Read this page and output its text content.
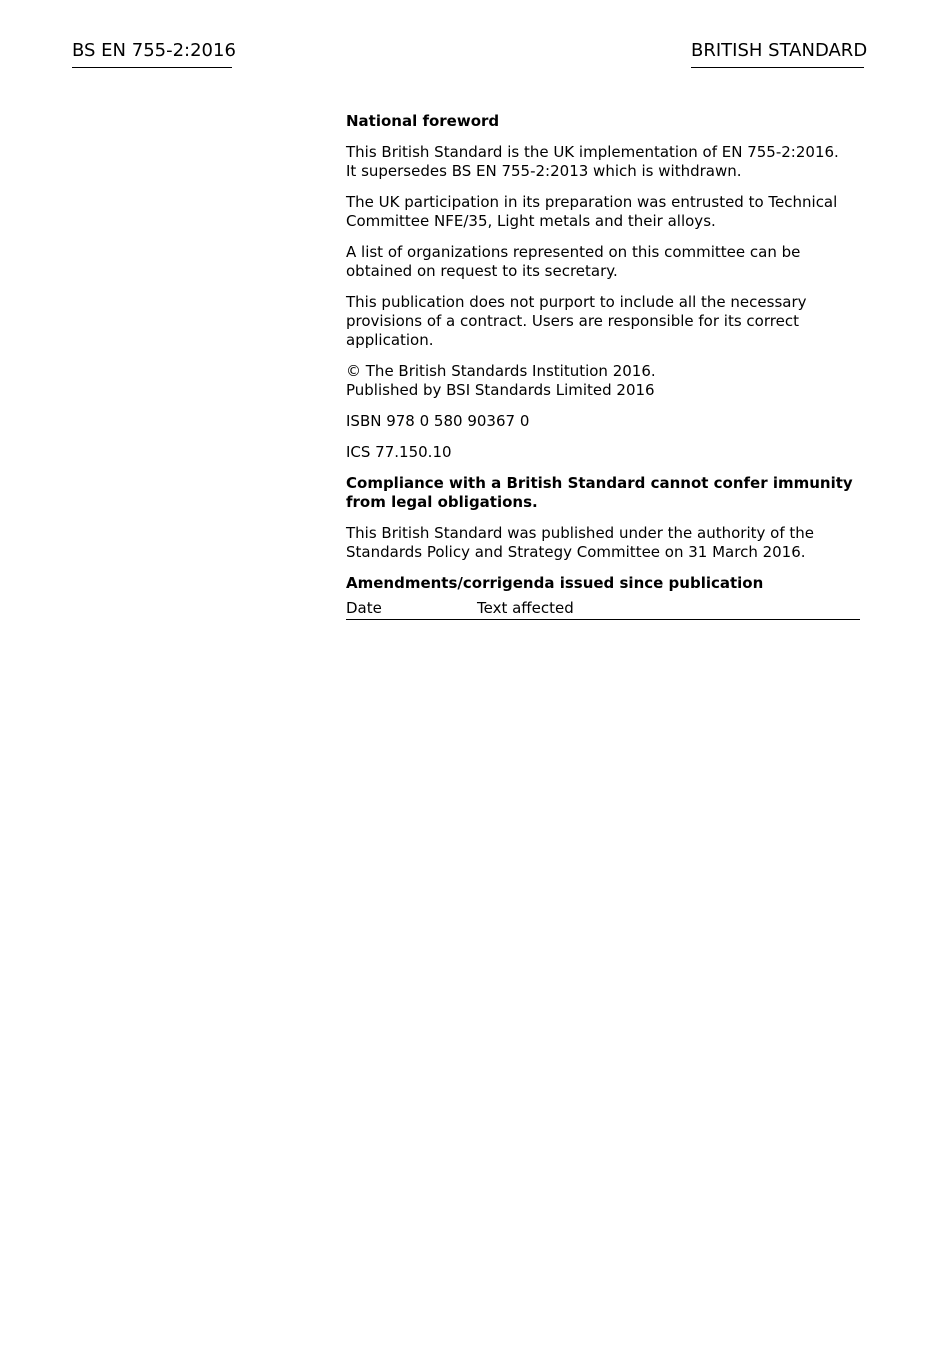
BS EN 755-2:2016	BRITISH STANDARD

National foreword

This British Standard is the UK implementation of EN 755-2:2016.
It supersedes BS EN 755-2:2013 which is withdrawn.

The UK participation in its preparation was entrusted to Technical Committee NFE/35, Light metals and their alloys.

A list of organizations represented on this committee can be obtained on request to its secretary.

This publication does not purport to include all the necessary provisions of a contract. Users are responsible for its correct application.

© The British Standards Institution 2016.
Published by BSI Standards Limited 2016

ISBN 978 0 580 90367 0

ICS 77.150.10

Compliance with a British Standard cannot confer immunity from legal obligations.

This British Standard was published under the authority of the Standards Policy and Strategy Committee on 31 March 2016.

Amendments/corrigenda issued since publication

Date	Text affected
